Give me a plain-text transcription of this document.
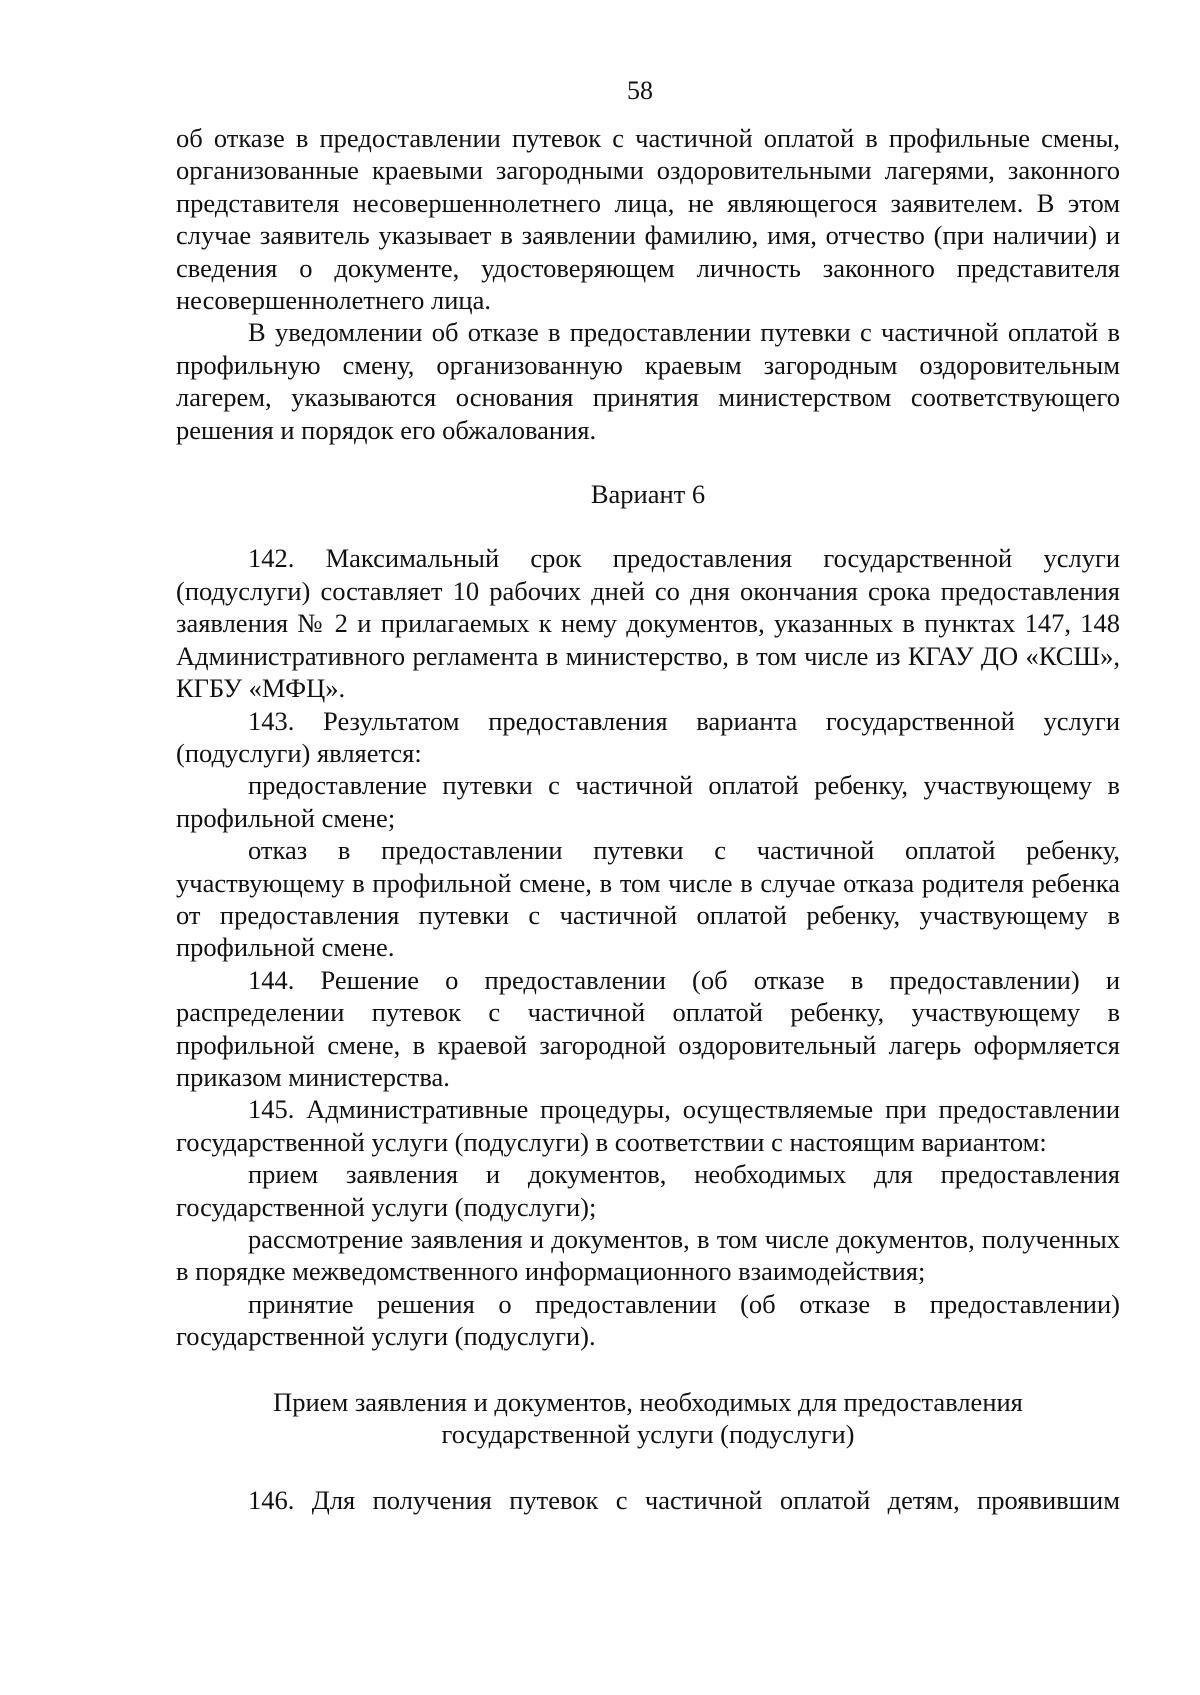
58

об отказе в предоставлении путевок с частичной оплатой в профильные смены, организованные краевыми загородными оздоровительными лагерями, законного представителя несовершеннолетнего лица, не являющегося заявителем. В этом случае заявитель указывает в заявлении фамилию, имя, отчество (при наличии) и сведения о документе, удостоверяющем личность законного представителя несовершеннолетнего лица.

В уведомлении об отказе в предоставлении путевки с частичной оплатой в профильную смену, организованную краевым загородным оздоровительным лагерем, указываются основания принятия министерством соответствующего решения и порядок его обжалования.

Вариант 6

142. Максимальный срок предоставления государственной услуги (подуслуги) составляет 10 рабочих дней со дня окончания срока предоставления заявления № 2 и прилагаемых к нему документов, указанных в пунктах 147, 148 Административного регламента в министерство, в том числе из КГАУ ДО «КСШ», КГБУ «МФЦ».

143. Результатом предоставления варианта государственной услуги (подуслуги) является:

предоставление путевки с частичной оплатой ребенку, участвующему в профильной смене;

отказ в предоставлении путевки с частичной оплатой ребенку, участвующему в профильной смене, в том числе в случае отказа родителя ребенка от предоставления путевки с частичной оплатой ребенку, участвующему в профильной смене.

144. Решение о предоставлении (об отказе в предоставлении) и распределении путевок с частичной оплатой ребенку, участвующему в профильной смене, в краевой загородной оздоровительный лагерь оформляется приказом министерства.

145. Административные процедуры, осуществляемые при предоставлении государственной услуги (подуслуги) в соответствии с настоящим вариантом:

прием заявления и документов, необходимых для предоставления государственной услуги (подуслуги);

рассмотрение заявления и документов, в том числе документов, полученных в порядке межведомственного информационного взаимодействия;

принятие решения о предоставлении (об отказе в предоставлении) государственной услуги (подуслуги).

Прием заявления и документов, необходимых для предоставления

государственной услуги (подуслуги)

146. Для получения путевок с частичной оплатой детям, проявившим
